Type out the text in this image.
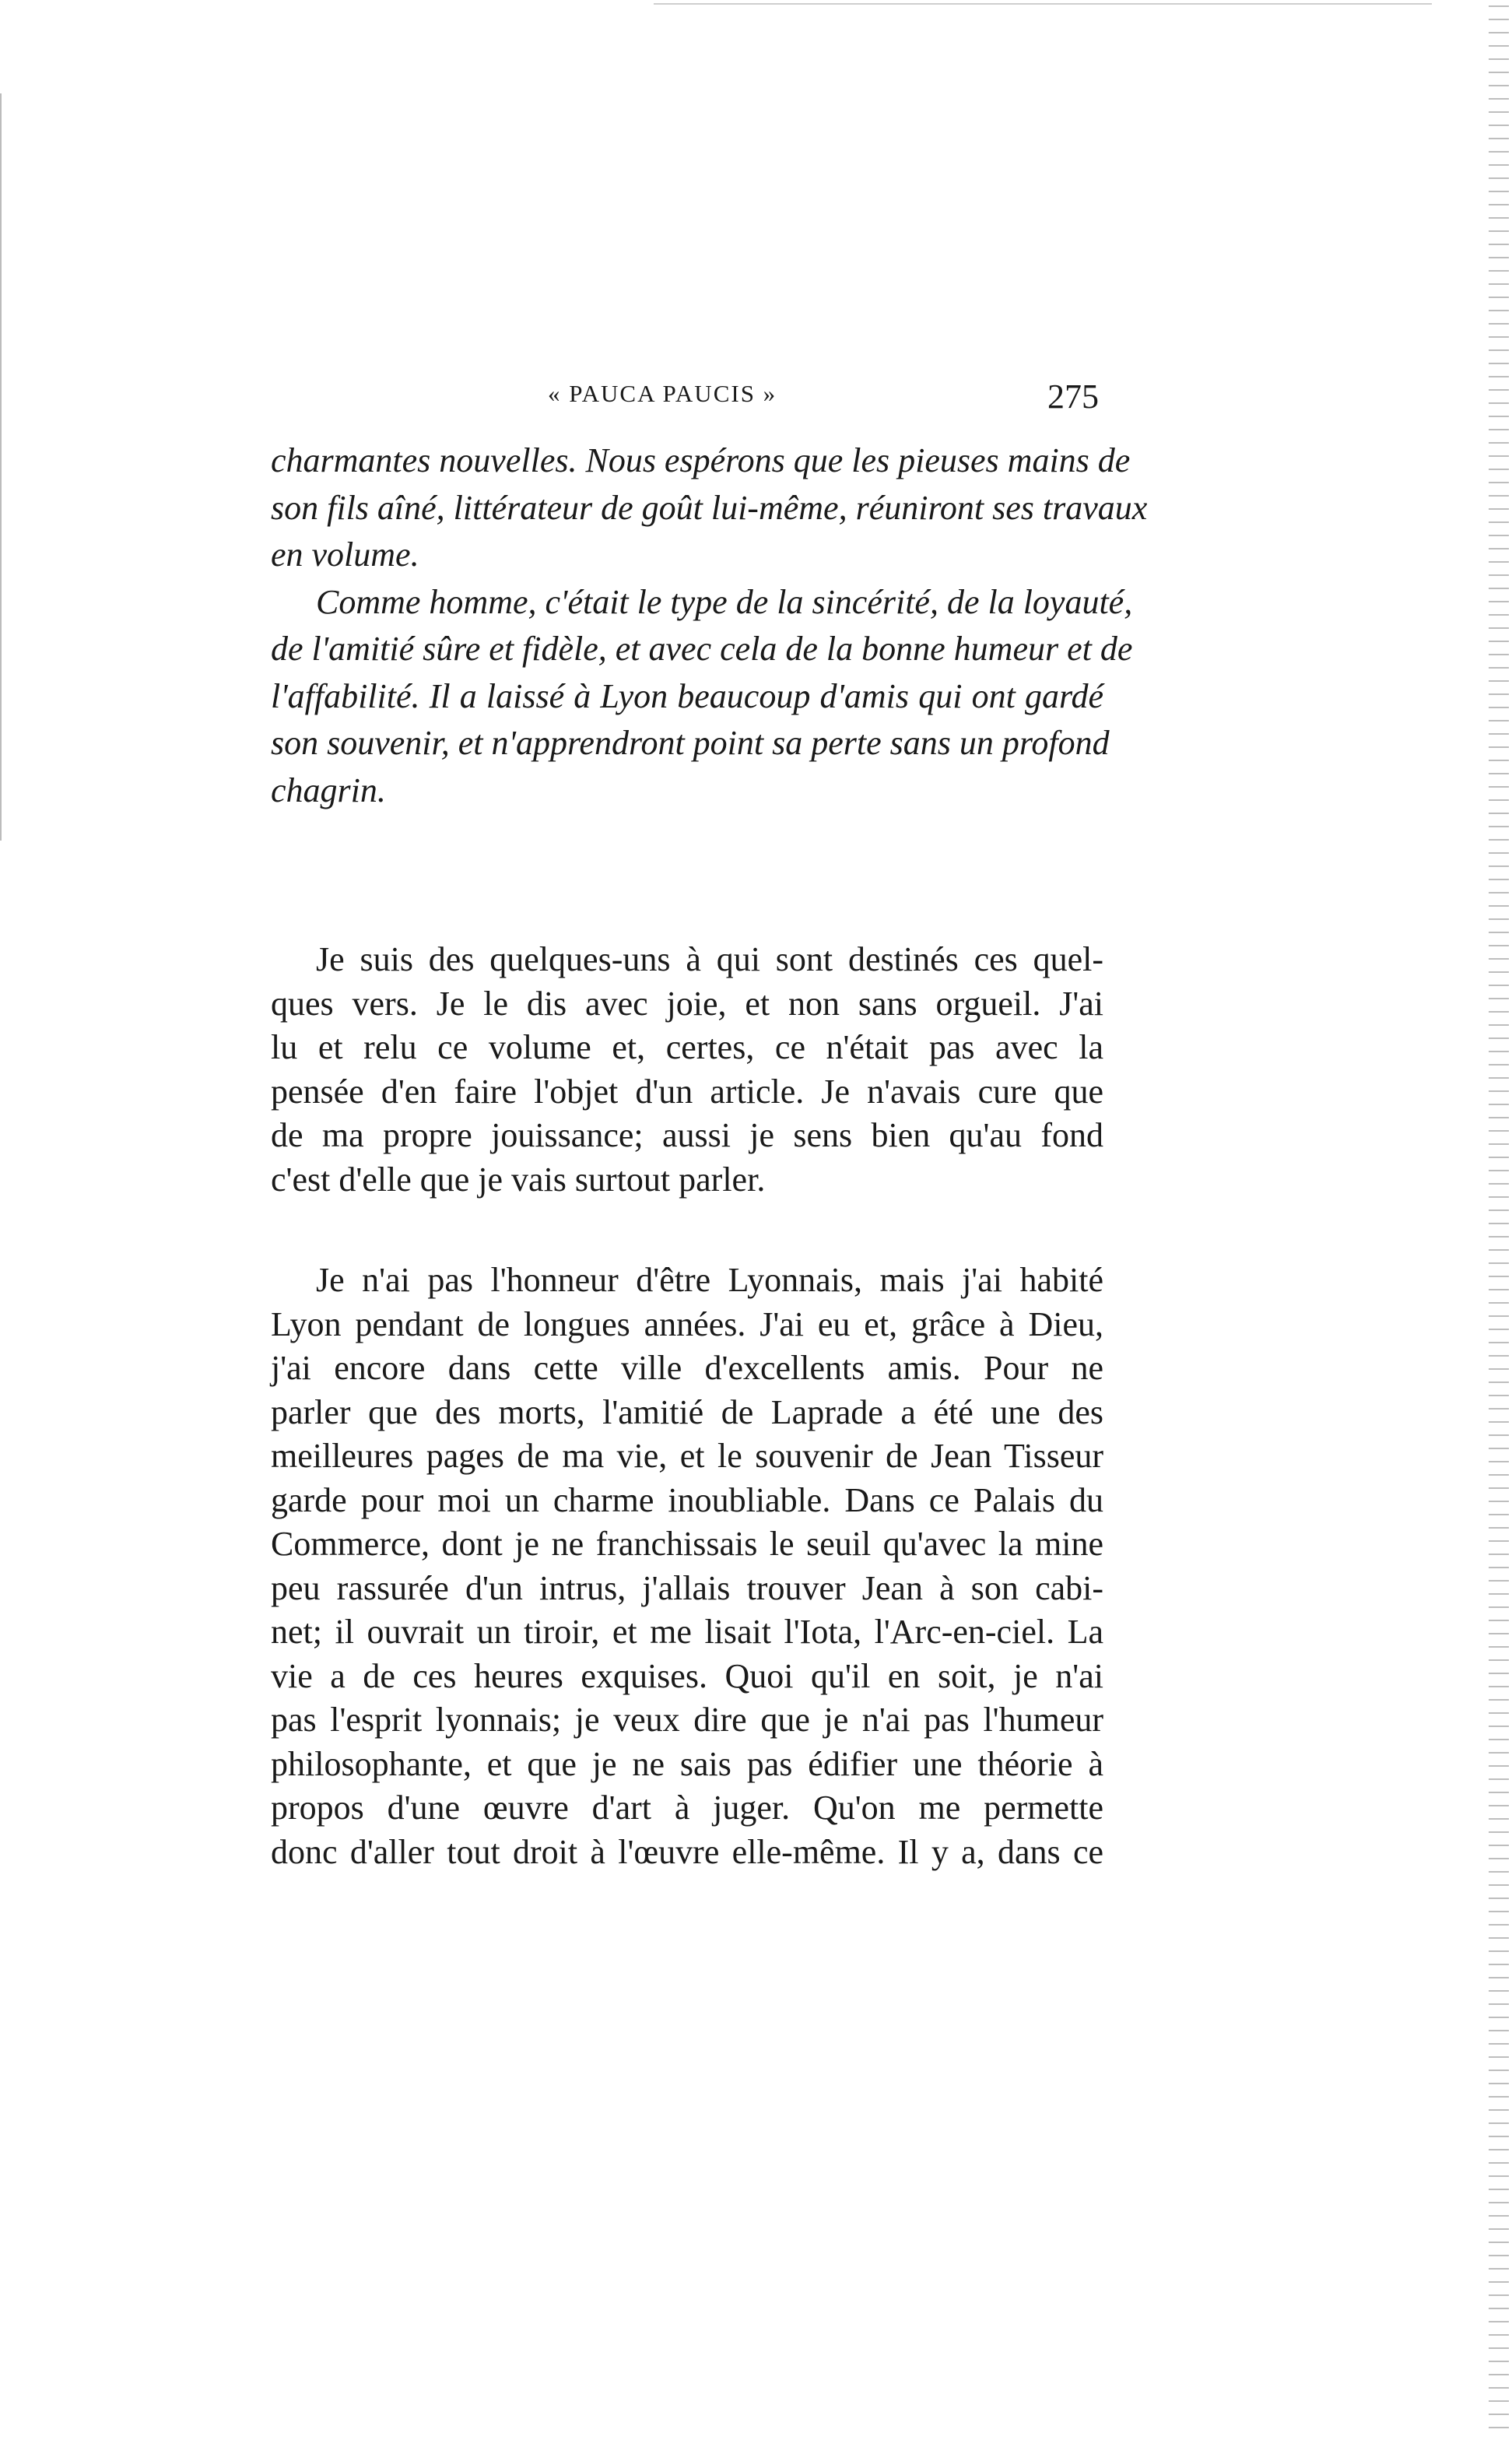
« PAUCA PAUCIS »	275

charmantes nouvelles. Nous espérons que les pieuses mains de
son fils aîné, littérateur de goût lui-même, réuniront ses travaux
en volume.

Comme homme, c'était le type de la sincérité, de la loyauté,
de l'amitié sûre et fidèle, et avec cela de la bonne humeur et de
l'affabilité. Il a laissé à Lyon beaucoup d'amis qui ont gardé
son souvenir, et n'apprendront point sa perte sans un profond
chagrin.

Je suis des quelques-uns à qui sont destinés ces quel-
ques vers. Je le dis avec joie, et non sans orgueil. J'ai
lu et relu ce volume et, certes, ce n'était pas avec la
pensée d'en faire l'objet d'un article. Je n'avais cure que
de ma propre jouissance; aussi je sens bien qu'au fond
c'est d'elle que je vais surtout parler.

Je n'ai pas l'honneur d'être Lyonnais, mais j'ai habité
Lyon pendant de longues années. J'ai eu et, grâce à Dieu,
j'ai encore dans cette ville d'excellents amis. Pour ne
parler que des morts, l'amitié de Laprade a été une des
meilleures pages de ma vie, et le souvenir de Jean Tisseur
garde pour moi un charme inoubliable. Dans ce Palais du
Commerce, dont je ne franchissais le seuil qu'avec la mine
peu rassurée d'un intrus, j'allais trouver Jean à son cabi-
net; il ouvrait un tiroir, et me lisait l'Iota, l'Arc-en-ciel. La
vie a de ces heures exquises. Quoi qu'il en soit, je n'ai
pas l'esprit lyonnais; je veux dire que je n'ai pas l'humeur
philosophante, et que je ne sais pas édifier une théorie à
propos d'une œuvre d'art à juger. Qu'on me permette
donc d'aller tout droit à l'œuvre elle-même. Il y a, dans ce
